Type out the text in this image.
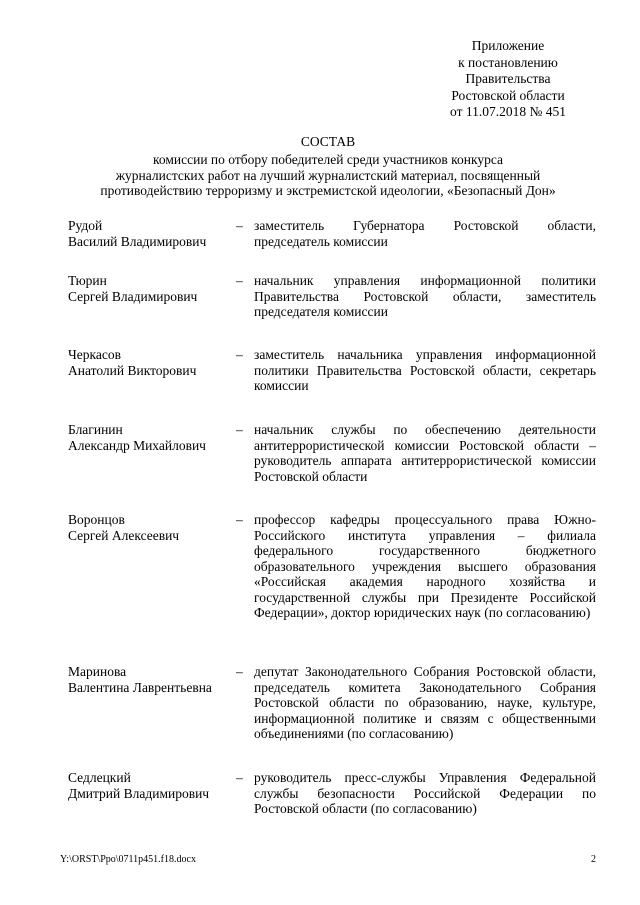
Приложение
к постановлению
Правительства
Ростовской области
от 11.07.2018 № 451
СОСТАВ
комиссии по отбору победителей среди участников конкурса
журналистских работ на лучший журналистский материал, посвященный
противодействию терроризму и экстремистской идеологии, «Безопасный Дон»
Рудой
Василий Владимирович
– заместитель Губернатора Ростовской области, председатель комиссии
Тюрин
Сергей Владимирович
– начальник управления информационной политики Правительства Ростовской области, заместитель председателя комиссии
Черкасов
Анатолий Викторович
– заместитель начальника управления информационной политики Правительства Ростовской области, секретарь комиссии
Благинин
Александр Михайлович
– начальник службы по обеспечению деятельности антитеррористической комиссии Ростовской области – руководитель аппарата антитеррористической комиссии Ростовской области
Воронцов
Сергей Алексеевич
– профессор кафедры процессуального права Южно-Российского института управления – филиала федерального государственного бюджетного образовательного учреждения высшего образования «Российская академия народного хозяйства и государственной службы при Президенте Российской Федерации», доктор юридических наук (по согласованию)
Маринова
Валентина Лаврентьевна
– депутат Законодательного Собрания Ростовской области, председатель комитета Законодательного Собрания Ростовской области по образованию, науке, культуре, информационной политике и связям с общественными объединениями (по согласованию)
Седлецкий
Дмитрий Владимирович
– руководитель пресс-службы Управления Федеральной службы безопасности Российской Федерации по Ростовской области (по согласованию)
Y:\ORST\Ppo\0711p451.f18.docx	2
